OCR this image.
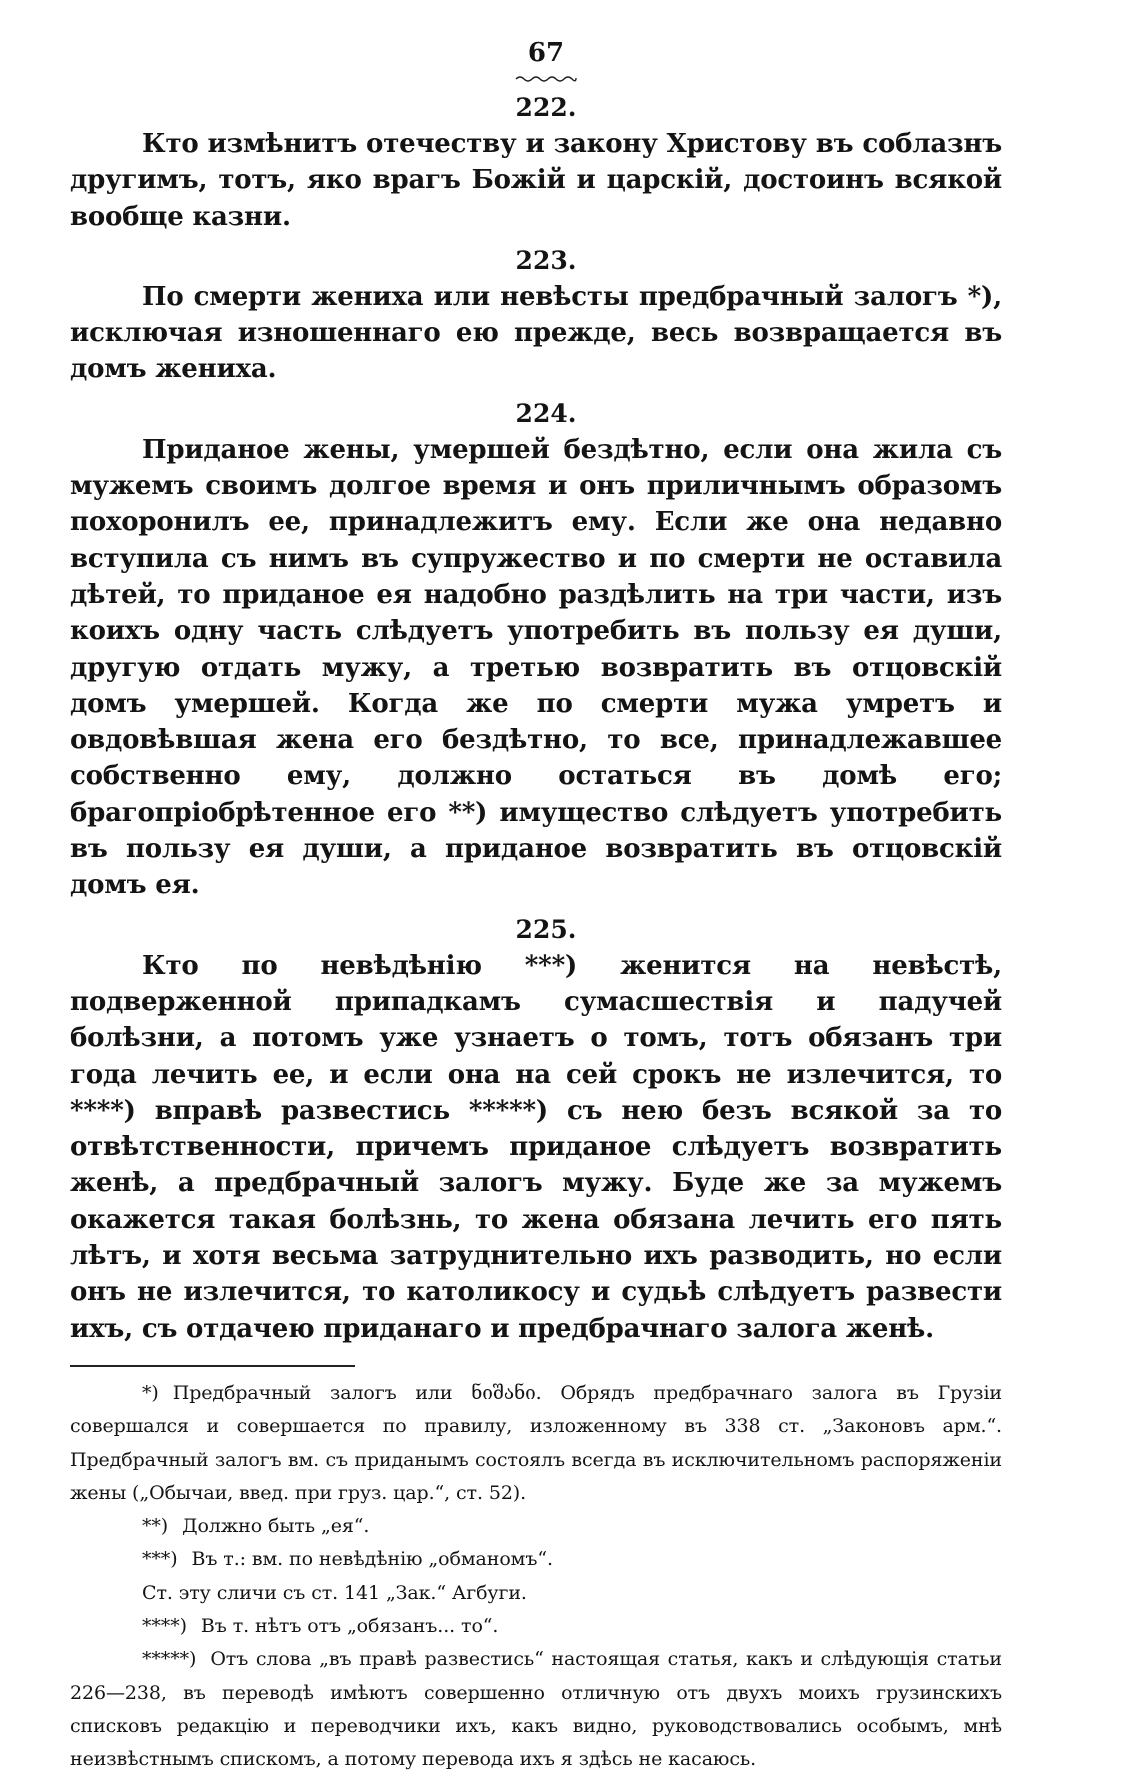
67
222.
Кто измѣнитъ отечеству и закону Христову въ соблазнъ другимъ, тотъ, яко врагъ Божій и царскій, достоинъ всякой вообще казни.
223.
По смерти жениха или невѣсты предбрачный залогъ *), исключая изношеннаго ею прежде, весь возвращается въ домъ жениха.
224.
Приданое жены, умершей бездѣтно, если она жила съ мужемъ своимъ долгое время и онъ приличнымъ образомъ похоронилъ ее, принадлежитъ ему. Если же она недавно вступила съ нимъ въ супружество и по смерти не оставила дѣтей, то приданое ея надобно раздѣлить на три части, изъ коихъ одну часть слѣдуетъ употребить въ пользу ея души, другую отдать мужу, а третью возвратить въ отцовскій домъ умершей. Когда же по смерти мужа умретъ и овдовѣвшая жена его бездѣтно, то все, принадлежавшее собственно ему, должно остаться въ домѣ его; брагопріобрѣтенное его **) имущество слѣдуетъ употребить въ пользу ея души, а приданое возвратить въ отцовскій домъ ея.
225.
Кто по невѣдѣнію ***) женится на невѣстѣ, подверженной припадкамъ сумасшествія и падучей болѣзни, а потомъ уже узнаетъ о томъ, тотъ обязанъ три года лечить ее, и если она на сей срокъ не излечится, то ****) вправѣ развестись *****) съ нею безъ всякой за то отвѣтственности, причемъ приданое слѣдуетъ возвратить женѣ, а предбрачный залогъ мужу. Буде же за мужемъ окажется такая болѣзнь, то жена обязана лечить его пять лѣтъ, и хотя весьма затруднительно ихъ разводить, но если онъ не излечится, то католикосу и судьѣ слѣдуетъ развести ихъ, съ отдачею приданаго и предбрачнаго залога женѣ.

*) Предбрачный залогъ или ნიშანი. Обрядъ предбрачнаго залога въ Грузіи совершался и совершается по правилу, изложенному въ 338 ст. „Законовъ арм.“. Предбрачный залогъ вм. съ приданымъ состоялъ всегда въ исключительномъ распоряженіи жены („Обычаи, введ. при груз. цар.“, ст. 52).

**) Должно быть „ея“.

***) Въ т.: вм. по невѣдѣнію „обманомъ“.

Ст. эту сличи съ ст. 141 „Зак.“ Агбуги.

****) Въ т. нѣтъ отъ „обязанъ... то“.

*****) Отъ слова „въ правѣ развестись“ настоящая статья, какъ и слѣдующія статьи 226—238, въ переводѣ имѣютъ совершенно отличную отъ двухъ моихъ грузинскихъ списковъ редакцію и переводчики ихъ, какъ видно, руководствовались особымъ, мнѣ неизвѣстнымъ спискомъ, а потому перевода ихъ я здѣсь не касаюсь.
